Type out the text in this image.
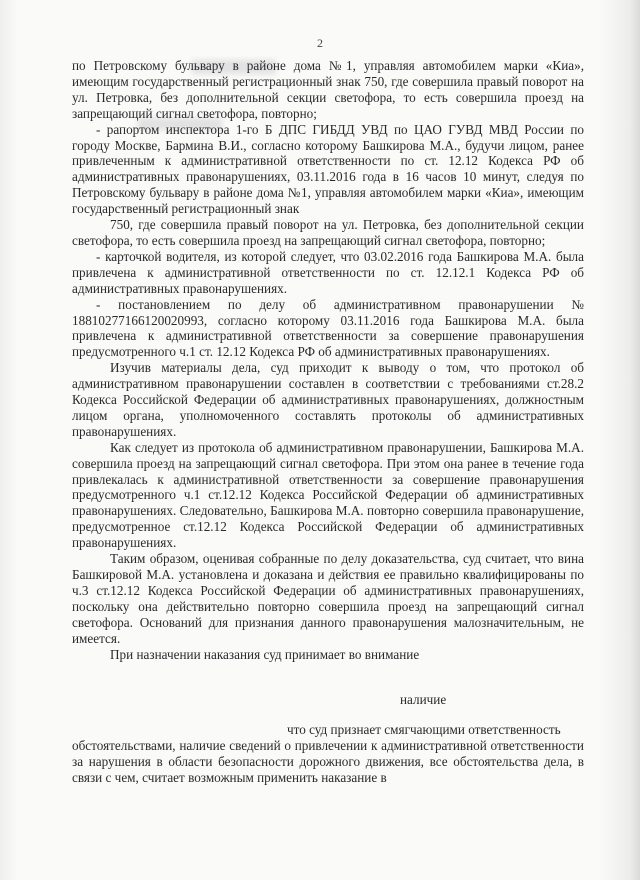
2

по Петровскому бульвару в районе дома №1, управляя автомобилем марки «Киа», имеющим государственный регистрационный знак 750, где совершила правый поворот на ул. Петровка, без дополнительной секции светофора, то есть совершила проезд на запрещающий сигнал светофора, повторно;

- рапортом инспектора 1-го Б ДПС ГИБДД УВД по ЦАО ГУВД МВД России по городу Москве, Бармина В.И., согласно которому Башкирова М.А., будучи лицом, ранее привлеченным к административной ответственности по ст. 12.12 Кодекса РФ об административных правонарушениях, 03.11.2016 года в 16 часов 10 минут, следуя по Петровскому бульвару в районе дома №1, управляя автомобилем марки «Киа», имеющим государственный регистрационный знак

750, где совершила правый поворот на ул. Петровка, без дополнительной секции светофора, то есть совершила проезд на запрещающий сигнал светофора, повторно;

- карточкой водителя, из которой следует, что 03.02.2016 года Башкирова М.А. была привлечена к административной ответственности по ст. 12.12.1 Кодекса РФ об административных правонарушениях.

- постановлением по делу об административном правонарушении № 18810277166120020993, согласно которому 03.11.2016 года Башкирова М.А. была привлечена к административной ответственности за совершение правонарушения предусмотренного ч.1 ст. 12.12 Кодекса РФ об административных правонарушениях.

Изучив материалы дела, суд приходит к выводу о том, что протокол об административном правонарушении составлен в соответствии с требованиями ст.28.2 Кодекса Российской Федерации об административных правонарушениях, должностным лицом органа, уполномоченного составлять протоколы об административных правонарушениях.

Как следует из протокола об административном правонарушении, Башкирова М.А. совершила проезд на запрещающий сигнал светофора. При этом она ранее в течение года привлекалась к административной ответственности за совершение правонарушения предусмотренного ч.1 ст.12.12 Кодекса Российской Федерации об административных правонарушениях. Следовательно, Башкирова М.А. повторно совершила правонарушение, предусмотренное ст.12.12 Кодекса Российской Федерации об административных правонарушениях.

Таким образом, оценивая собранные по делу доказательства, суд считает, что вина Башкировой М.А. установлена и доказана и действия ее правильно квалифицированы по ч.3 ст.12.12 Кодекса Российской Федерации об административных правонарушениях, поскольку она действительно повторно совершила проезд на запрещающий сигнал светофора. Оснований для признания данного правонарушения малозначительным, не имеется.

При назначении наказания суд принимает во внимание

наличие

что суд признает смягчающими ответственность

обстоятельствами, наличие сведений о привлечении к административной ответственности за нарушения в области безопасности дорожного движения, все обстоятельства дела, в связи с чем, считает возможным применить наказание в
